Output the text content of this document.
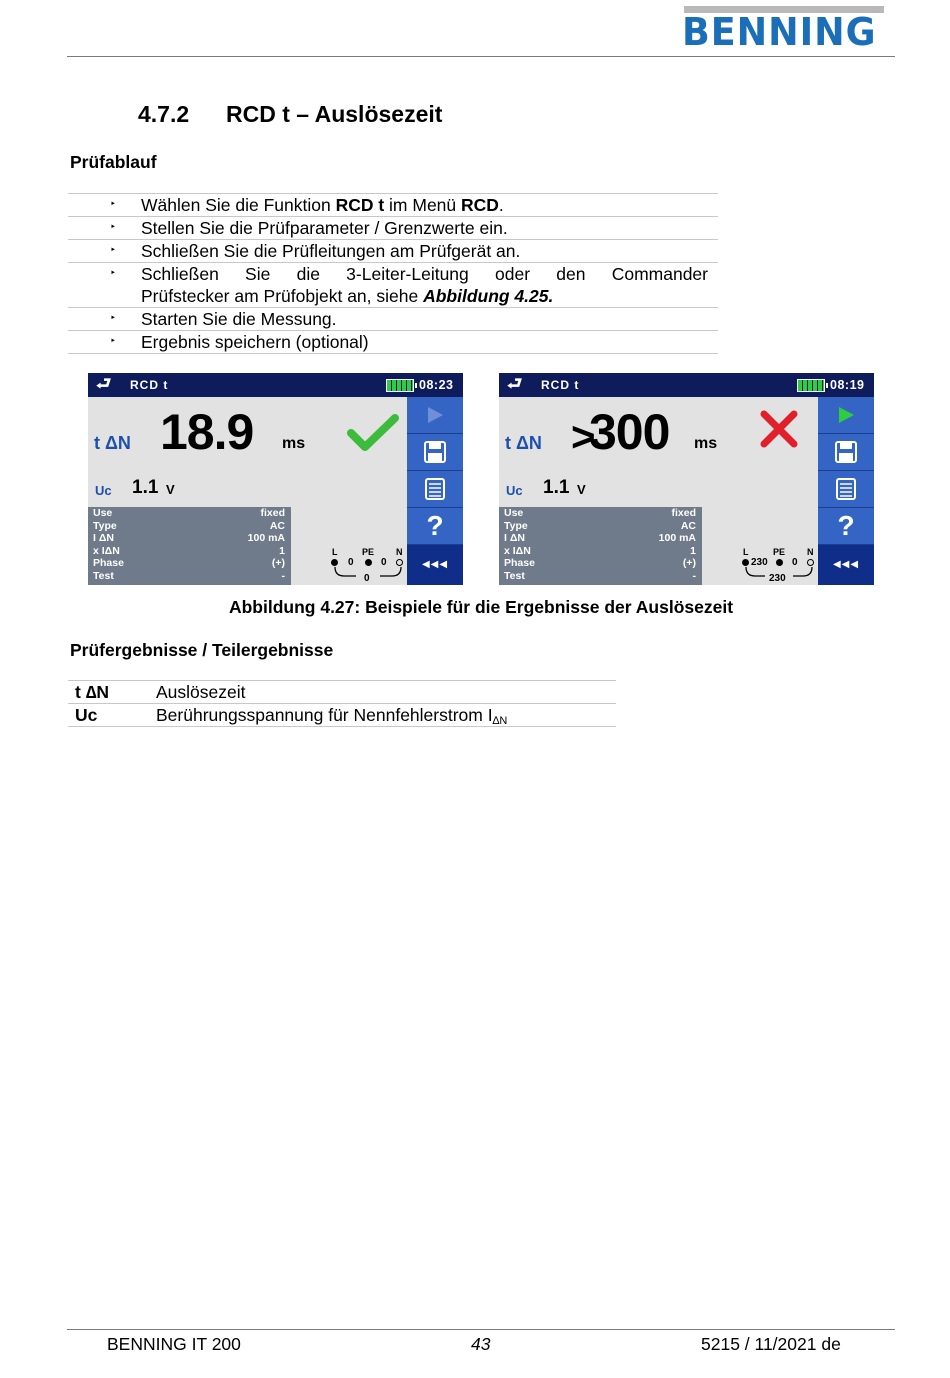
BENNING
4.7.2 RCD t – Auslösezeit
Prüfablauf
‣ Wählen Sie die Funktion RCD t im Menü RCD.
‣ Stellen Sie die Prüfparameter / Grenzwerte ein.
‣ Schließen Sie die Prüfleitungen am Prüfgerät an.
‣ Schließen Sie die 3-Leiter-Leitung oder den Commander
Prüfstecker am Prüfobjekt an, siehe Abbildung 4.25.
‣ Starten Sie die Messung.
‣ Ergebnis speichern (optional)
⮐ RCD t	08:23
t ΔN 18.9 ms
Uc 1.1 V
Use	fixed
Type	AC
I ΔN	100 mA
x IΔN	1
Phase	(+)
Test	-
L	PE N
0	0
0
?
◀◀◀
⮐ RCD t	08:19
t ΔN >
300 ms
Uc 1.1 V
Use	fixed
Type	AC
I ΔN	100 mA
x IΔN	1
Phase	(+)
Test	-
L	PE N
230 0
230
?
◀◀◀
Abbildung 4.27: Beispiele für die Ergebnisse der Auslösezeit
Prüfergebnisse / Teilergebnisse
t ∆N	Auslösezeit
Uc	Berührungsspannung für Nennfehlerstrom $I_{\Delta N}$
BENNING IT 200	43	5215 / 11/2021 de
